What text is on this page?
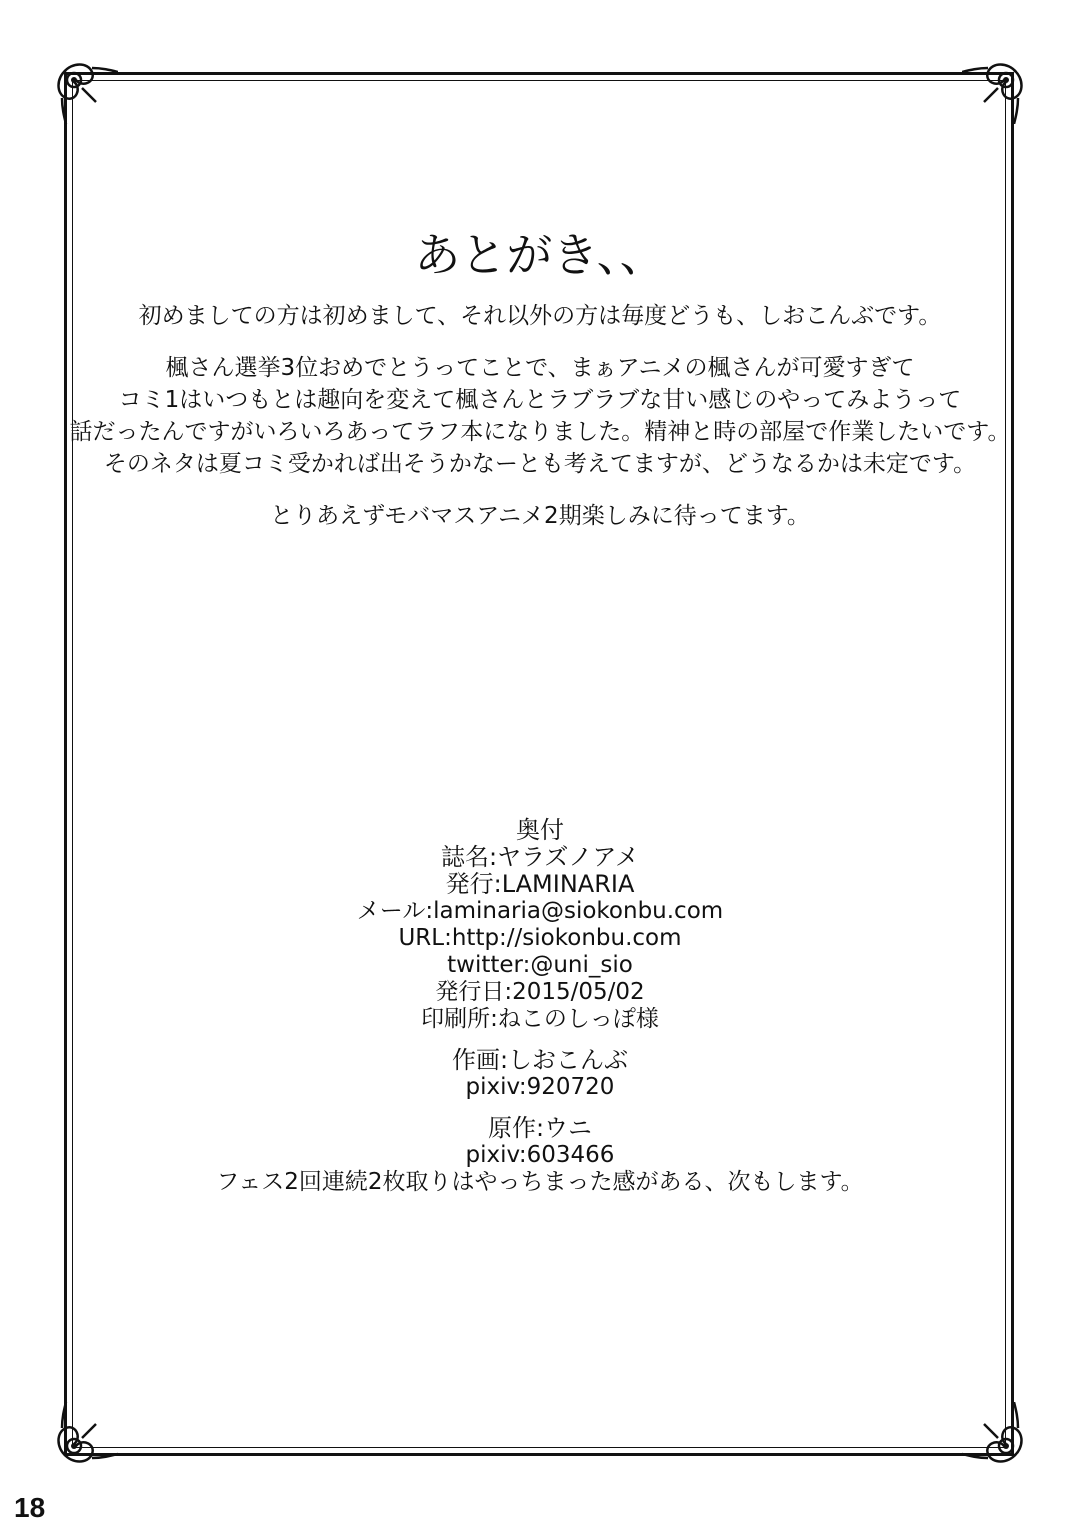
あとがき、、
初めましての方は初めまして、それ以外の方は毎度どうも、しおこんぶです。
楓さん選挙3位おめでとうってことで、まぁアニメの楓さんが可愛すぎて
コミ1はいつもとは趣向を変えて楓さんとラブラブな甘い感じのやってみようって
話だったんですがいろいろあってラフ本になりました。精神と時の部屋で作業したいです。
そのネタは夏コミ受かれば出そうかなーとも考えてますが、どうなるかは未定です。
とりあえずモバマスアニメ2期楽しみに待ってます。
奥付
誌名:ヤラズノアメ
発行:LAMINARIA
メール:laminaria@siokonbu.com
URL:http://siokonbu.com
twitter:@uni_sio
発行日:2015/05/02
印刷所:ねこのしっぽ様
作画:しおこんぶ
pixiv:920720
原作:ウニ
pixiv:603466
フェス2回連続2枚取りはやっちまった感がある、次もします。
18
